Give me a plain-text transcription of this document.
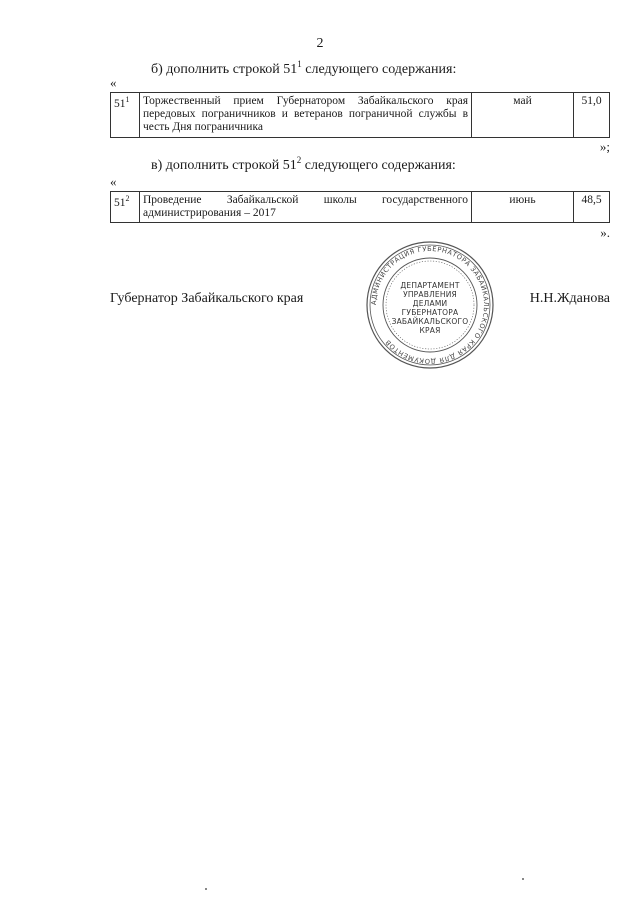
2
б) дополнить строкой $51^1$ следующего содержания:
«
$51^1$	Торжественный прием Губернатором Забайкальского края передовых пограничников и ветеранов пограничной службы в честь Дня пограничника	май	51,0
»;
в) дополнить строкой $51^2$ следующего содержания:
«
$51^2$	Проведение Забайкальской школы государственного администрирования – 2017	июнь	48,5
».
Губернатор Забайкальского края	Н.Н.Жданова
АДМИНИСТРАЦИЯ ГУБЕРНАТОРА ЗАБАЙКАЛЬСКОГО КРАЯ ДЛЯ ДОКУМЕНТОВ
ДЕПАРТАМЕНТ
УПРАВЛЕНИЯ
ДЕЛАМИ
ГУБЕРНАТОРА
ЗАБАЙКАЛЬСКОГО
КРАЯ
